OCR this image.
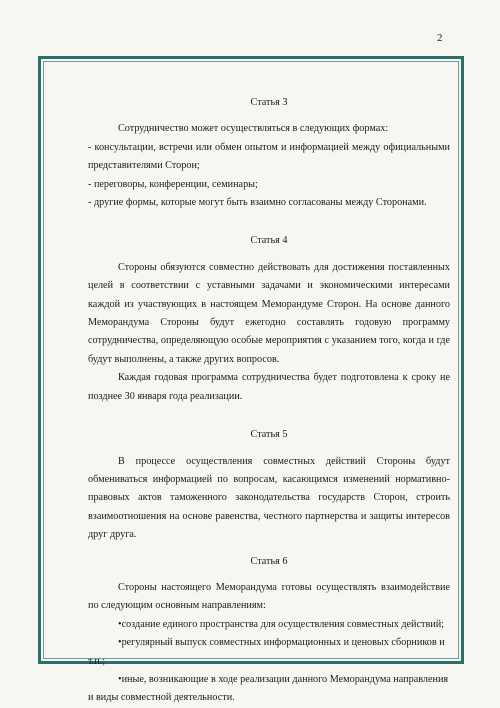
2

Статья 3

Сотрудничество может осуществляться в следующих формах:

- консультации, встречи или обмен опытом и информацией между официальными представителями Сторон;

- переговоры, конференции, семинары;

- другие формы, которые могут быть взаимно согласованы между Сторонами.

Статья 4

Стороны обязуются совместно действовать для достижения поставленных целей в соответствии с уставными задачами и экономическими интересами каждой из участвующих в настоящем Меморандуме Сторон. На основе данного Меморандума Стороны будут ежегодно составлять годовую программу сотрудничества, определяющую особые мероприятия с указанием того, когда и где будут выполнены, а также других вопросов.

Каждая годовая программа сотрудничества будет подготовлена к сроку не позднее 30 января года реализации.

Статья 5

В процессе осуществления совместных действий Стороны будут обмениваться информацией по вопросам, касающимся изменений нормативно-правовых актов таможенного законодательства государств Сторон, строить взаимоотношения на основе равенства, честного партнерства и защиты интересов друг друга.

Статья 6

Стороны настоящего Меморандума готовы осуществлять взаимодействие по следующим основным направлениям:

•создание единого пространства для осуществления совместных действий;

•регулярный выпуск совместных информационных и ценовых сборников и т.п.;

•иные, возникающие в ходе реализации данного Меморандума направления и виды совместной деятельности.
